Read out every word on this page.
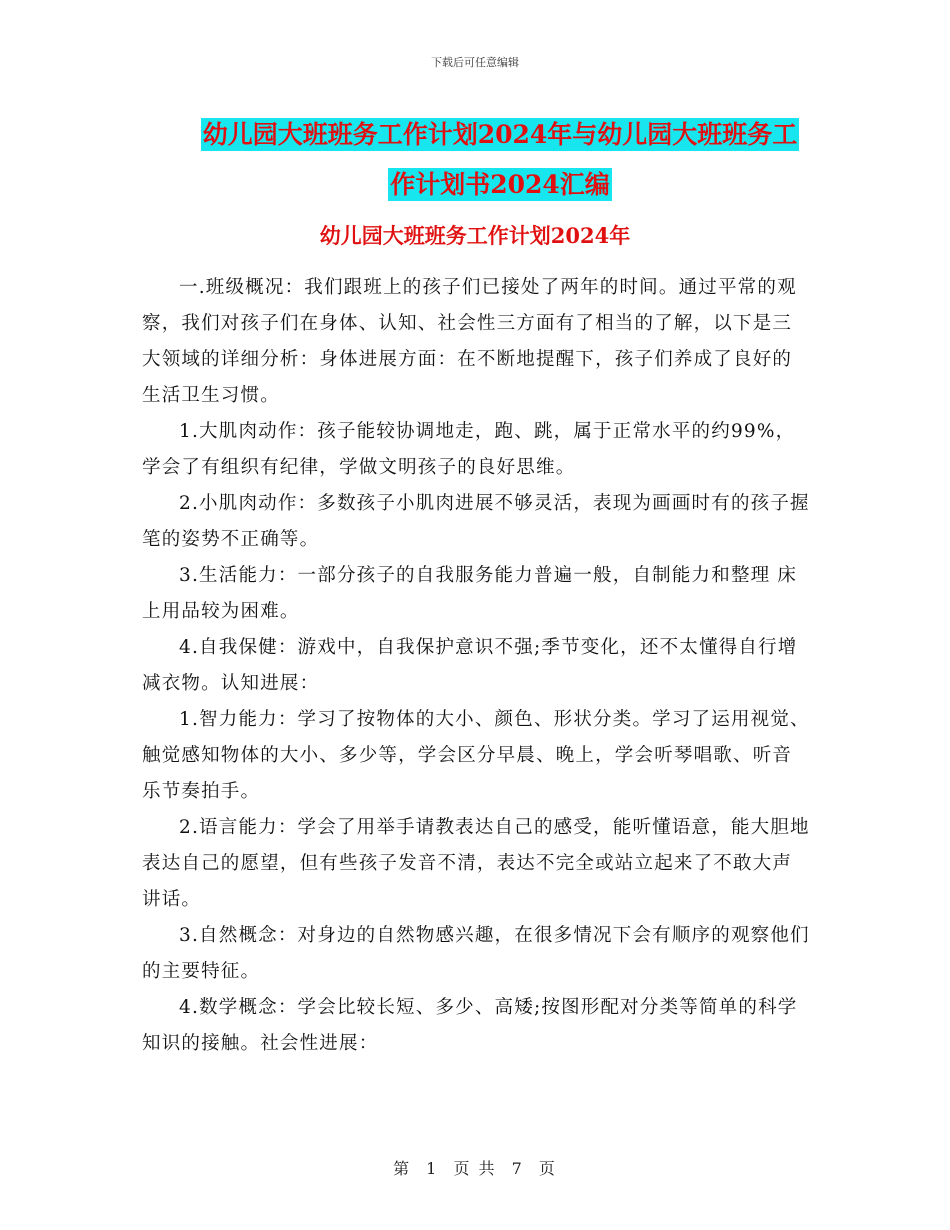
下载后可任意编辑
幼儿园大班班务工作计划2024年与幼儿园大班班务工
作计划书2024汇编
幼儿园大班班务工作计划2024年

一.班级概况：我们跟班上的孩子们已接处了两年的时间。通过平常的观察，我们对孩子们在身体、认知、社会性三方面有了相当的了解，以下是三大领域的详细分析：身体进展方面：在不断地提醒下，孩子们养成了良好的生活卫生习惯。

1.大肌肉动作：孩子能较协调地走，跑、跳，属于正常水平的约99%，学会了有组织有纪律，学做文明孩子的良好思维。

2.小肌肉动作：多数孩子小肌肉进展不够灵活，表现为画画时有的孩子握笔的姿势不正确等。

3.生活能力：一部分孩子的自我服务能力普遍一般，自制能力和整理 床上用品较为困难。

4.自我保健：游戏中，自我保护意识不强;季节变化，还不太懂得自行增减衣物。认知进展：

1.智力能力：学习了按物体的大小、颜色、形状分类。学习了运用视觉、触觉感知物体的大小、多少等，学会区分早晨、晚上，学会听琴唱歌、听音乐节奏拍手。

2.语言能力：学会了用举手请教表达自己的感受，能听懂语意，能大胆地表达自己的愿望，但有些孩子发音不清，表达不完全或站立起来了不敢大声讲话。

3.自然概念：对身边的自然物感兴趣，在很多情况下会有顺序的观察他们的主要特征。

4.数学概念：学会比较长短、多少、高矮;按图形配对分类等简单的科学知识的接触。社会性进展：

第 1 页 共 7 页
